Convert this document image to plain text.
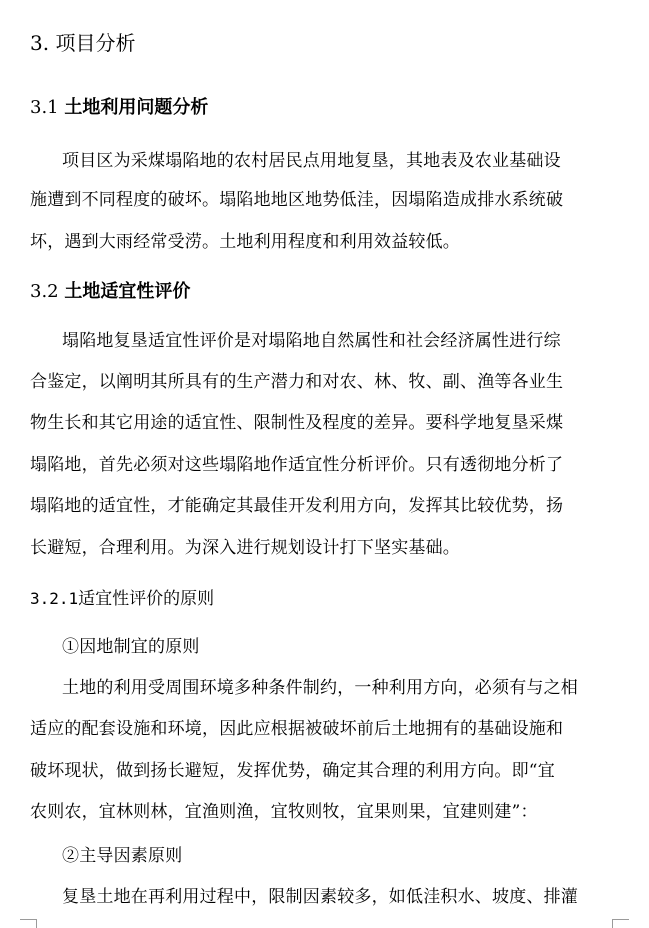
3. 项目分析
3.1 土地利用问题分析
项目区为采煤塌陷地的农村居民点用地复垦，其地表及农业基础设
施遭到不同程度的破坏。塌陷地地区地势低洼，因塌陷造成排水系统破
坏，遇到大雨经常受涝。土地利用程度和利用效益较低。
3.2 土地适宜性评价
塌陷地复垦适宜性评价是对塌陷地自然属性和社会经济属性进行综
合鉴定，以阐明其所具有的生产潜力和对农、林、牧、副、渔等各业生
物生长和其它用途的适宜性、限制性及程度的差异。要科学地复垦采煤
塌陷地，首先必须对这些塌陷地作适宜性分析评价。只有透彻地分析了
塌陷地的适宜性，才能确定其最佳开发利用方向，发挥其比较优势，扬
长避短，合理利用。为深入进行规划设计打下坚实基础。
3.2.1适宜性评价的原则
①因地制宜的原则
土地的利用受周围环境多种条件制约，一种利用方向，必须有与之相
适应的配套设施和环境，因此应根据被破坏前后土地拥有的基础设施和
破坏现状，做到扬长避短，发挥优势，确定其合理的利用方向。即“宜
农则农，宜林则林，宜渔则渔，宜牧则牧，宜果则果，宜建则建”：
②主导因素原则
复垦土地在再利用过程中，限制因素较多，如低洼积水、坡度、排灌
